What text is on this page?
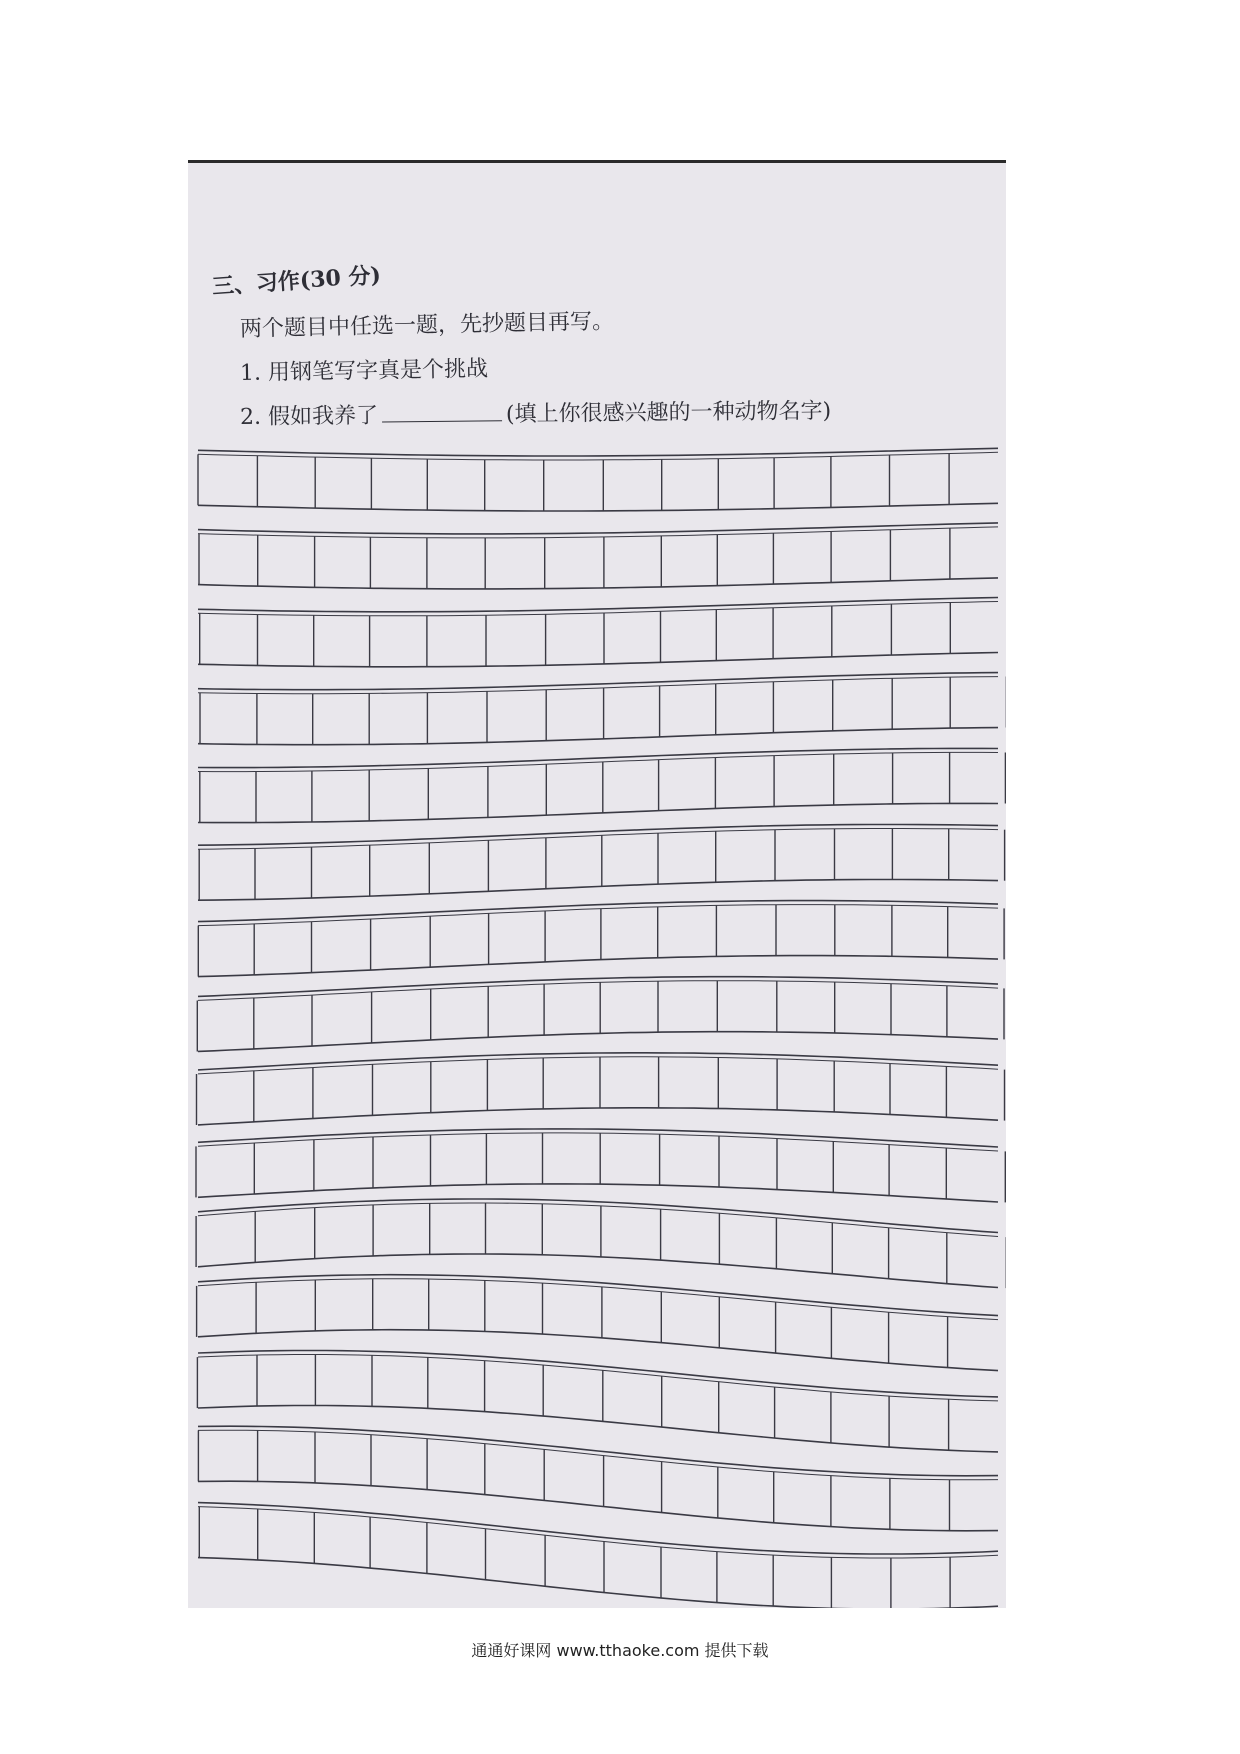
三、习作(30 分)
两个题目中任选一题，先抄题目再写。
1. 用钢笔写字真是个挑战
2. 假如我养了	(填上你很感兴趣的一种动物名字)
通通好课网 www.tthaoke.com 提供下载
